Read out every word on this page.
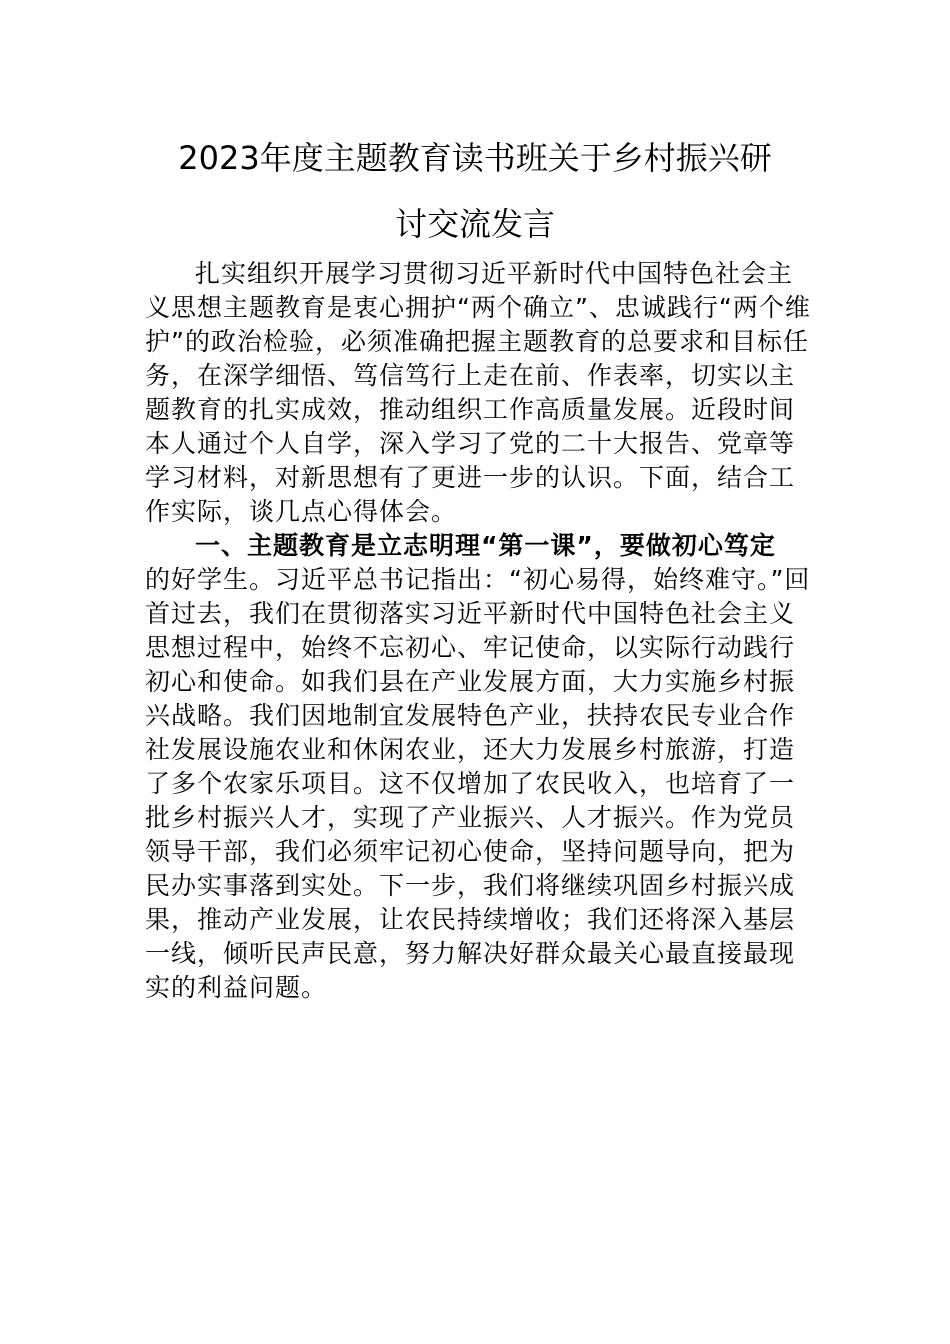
2023年度主题教育读书班关于乡村振兴研
讨交流发言
扎实组织开展学习贯彻习近平新时代中国特色社会主
义思想主题教育是衷心拥护“两个确立”、忠诚践行“两个维
护”的政治检验，必须准确把握主题教育的总要求和目标任
务，在深学细悟、笃信笃行上走在前、作表率，切实以主
题教育的扎实成效，推动组织工作高质量发展。近段时间
本人通过个人自学，深入学习了党的二十大报告、党章等
学习材料，对新思想有了更进一步的认识。下面，结合工
作实际，谈几点心得体会。
一、主题教育是立志明理“第一课”，要做初心笃定
的好学生。习近平总书记指出：“初心易得，始终难守。”回
首过去，我们在贯彻落实习近平新时代中国特色社会主义
思想过程中，始终不忘初心、牢记使命，以实际行动践行
初心和使命。如我们县在产业发展方面，大力实施乡村振
兴战略。我们因地制宜发展特色产业，扶持农民专业合作
社发展设施农业和休闲农业，还大力发展乡村旅游，打造
了多个农家乐项目。这不仅增加了农民收入，也培育了一
批乡村振兴人才，实现了产业振兴、人才振兴。作为党员
领导干部，我们必须牢记初心使命，坚持问题导向，把为
民办实事落到实处。下一步，我们将继续巩固乡村振兴成
果，推动产业发展，让农民持续增收；我们还将深入基层
一线，倾听民声民意，努力解决好群众最关心最直接最现
实的利益问题。
